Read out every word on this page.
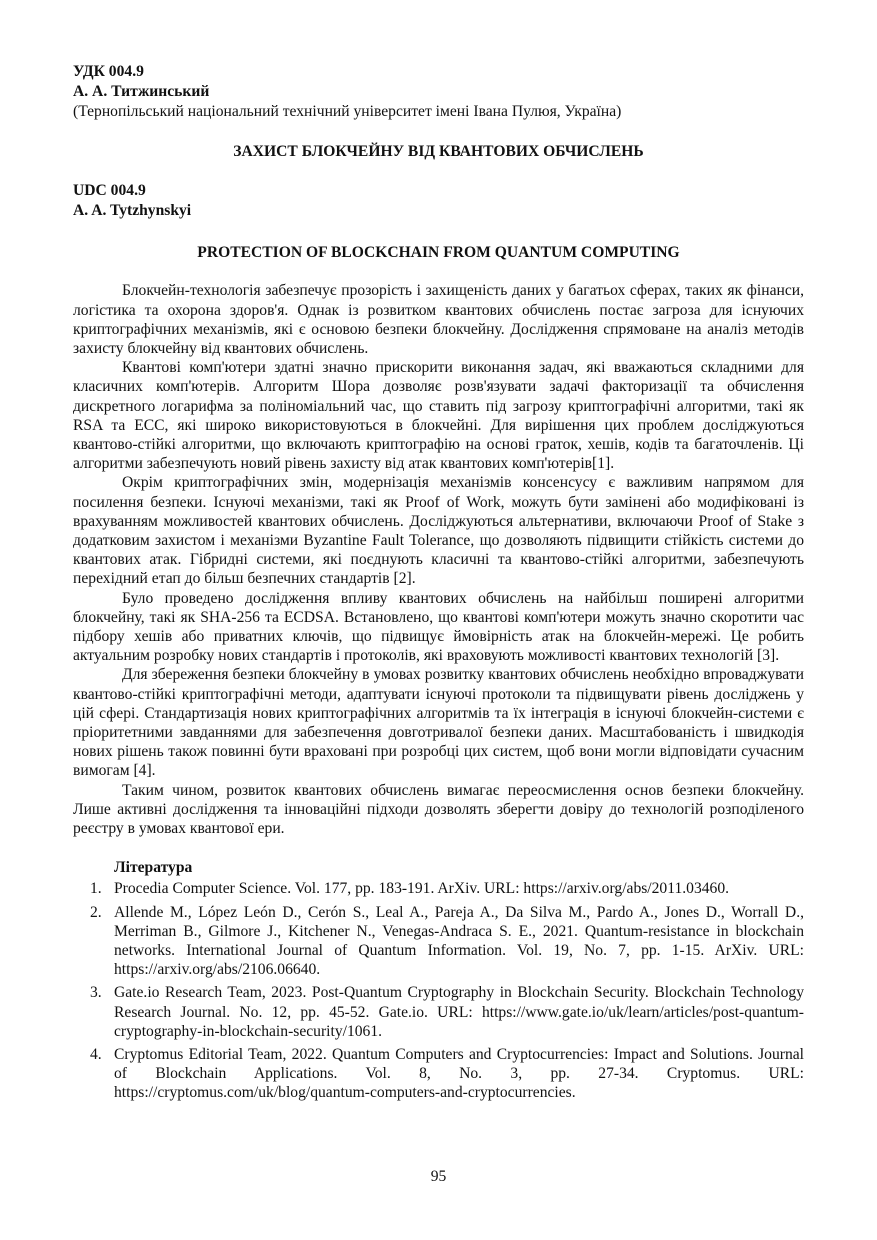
УДК 004.9

А. А. Титжинський

(Тернопільський національний технічний університет імені Івана Пулюя, Україна)

ЗАХИСТ БЛОКЧЕЙНУ ВІД КВАНТОВИХ ОБЧИСЛЕНЬ

UDC 004.9

A. A. Tytzhynskyi

PROTECTION OF BLOCKCHAIN FROM QUANTUM COMPUTING

Блокчейн-технологія забезпечує прозорість і захищеність даних у багатьох сферах, таких як фінанси, логістика та охорона здоров'я. Однак із розвитком квантових обчислень постає загроза для існуючих криптографічних механізмів, які є основою безпеки блокчейну. Дослідження спрямоване на аналіз методів захисту блокчейну від квантових обчислень.

Квантові комп'ютери здатні значно прискорити виконання задач, які вважаються складними для класичних комп'ютерів. Алгоритм Шора дозволяє розв'язувати задачі факторизації та обчислення дискретного логарифма за поліноміальний час, що ставить під загрозу криптографічні алгоритми, такі як RSA та ECC, які широко використовуються в блокчейні. Для вирішення цих проблем досліджуються квантово-стійкі алгоритми, що включають криптографію на основі граток, хешів, кодів та багаточленів. Ці алгоритми забезпечують новий рівень захисту від атак квантових комп'ютерів[1].

Окрім криптографічних змін, модернізація механізмів консенсусу є важливим напрямом для посилення безпеки. Існуючі механізми, такі як Proof of Work, можуть бути замінені або модифіковані із врахуванням можливостей квантових обчислень. Досліджуються альтернативи, включаючи Proof of Stake з додатковим захистом і механізми Byzantine Fault Tolerance, що дозволяють підвищити стійкість системи до квантових атак. Гібридні системи, які поєднують класичні та квантово-стійкі алгоритми, забезпечують перехідний етап до більш безпечних стандартів [2].

Було проведено дослідження впливу квантових обчислень на найбільш поширені алгоритми блокчейну, такі як SHA-256 та ECDSA. Встановлено, що квантові комп'ютери можуть значно скоротити час підбору хешів або приватних ключів, що підвищує ймовірність атак на блокчейн-мережі. Це робить актуальним розробку нових стандартів і протоколів, які враховують можливості квантових технологій [3].

Для збереження безпеки блокчейну в умовах розвитку квантових обчислень необхідно впроваджувати квантово-стійкі криптографічні методи, адаптувати існуючі протоколи та підвищувати рівень досліджень у цій сфері. Стандартизація нових криптографічних алгоритмів та їх інтеграція в існуючі блокчейн-системи є пріоритетними завданнями для забезпечення довготривалої безпеки даних. Масштабованість і швидкодія нових рішень також повинні бути враховані при розробці цих систем, щоб вони могли відповідати сучасним вимогам [4].

Таким чином, розвиток квантових обчислень вимагає переосмислення основ безпеки блокчейну. Лише активні дослідження та інноваційні підходи дозволять зберегти довіру до технологій розподіленого реєстру в умовах квантової ери.

Література

1. Procedia Computer Science. Vol. 177, pp. 183-191. ArXiv. URL: https://arxiv.org/abs/2011.03460.
2. Allende M., López León D., Cerón S., Leal A., Pareja A., Da Silva M., Pardo A., Jones D., Worrall D., Merriman B., Gilmore J., Kitchener N., Venegas-Andraca S. E., 2021. Quantum-resistance in blockchain networks. International Journal of Quantum Information. Vol. 19, No. 7, pp. 1-15. ArXiv. URL: https://arxiv.org/abs/2106.06640.
3. Gate.io Research Team, 2023. Post-Quantum Cryptography in Blockchain Security. Blockchain Technology Research Journal. No. 12, pp. 45-52. Gate.io. URL: https://www.gate.io/uk/learn/articles/post-quantum-cryptography-in-blockchain-security/1061.
4. Cryptomus Editorial Team, 2022. Quantum Computers and Cryptocurrencies: Impact and Solutions. Journal of Blockchain Applications. Vol. 8, No. 3, pp. 27-34. Cryptomus. URL: https://cryptomus.com/uk/blog/quantum-computers-and-cryptocurrencies.
95
